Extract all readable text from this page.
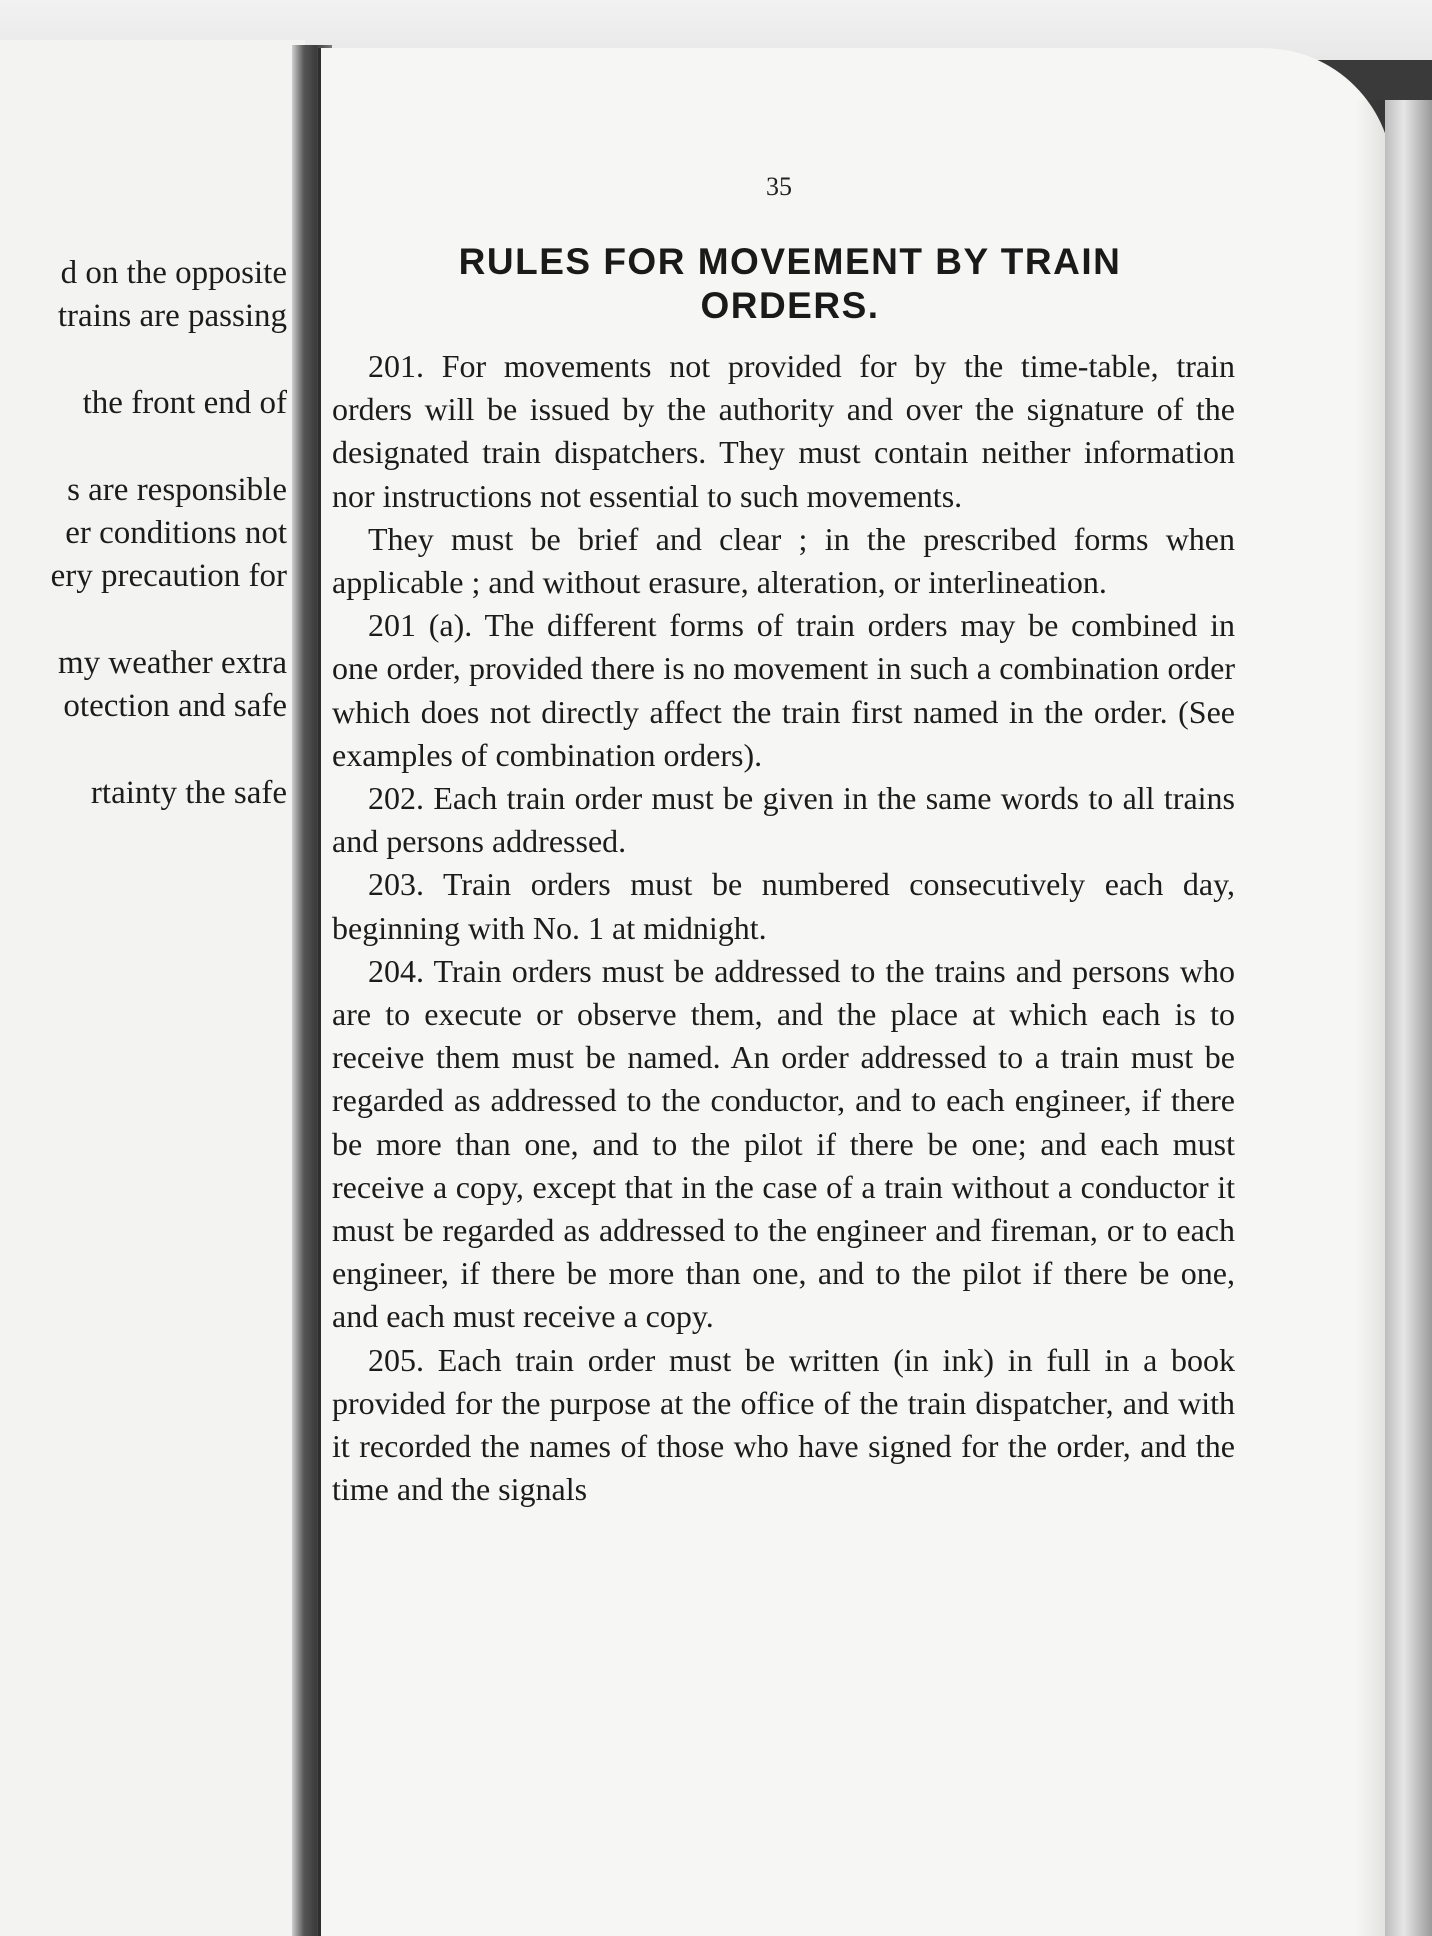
d on the opposite
trains are passing
the front end of
s are responsible
er conditions not
ery precaution for
my weather extra
otection and safe
rtainty the safe
35
RULES FOR MOVEMENT BY TRAIN
ORDERS.

201. For movements not provided for by the time-table, train orders will be issued by the authority and over the signature of the designated train dispatchers. They must contain neither information nor instructions not essential to such movements.

They must be brief and clear ; in the prescribed forms when applicable ; and without erasure, alteration, or interlineation.

201 (a). The different forms of train orders may be combined in one order, provided there is no movement in such a combination order which does not directly affect the train first named in the order. (See examples of combination orders).

202. Each train order must be given in the same words to all trains and persons addressed.

203. Train orders must be numbered consecutively each day, beginning with No. 1 at midnight.

204. Train orders must be addressed to the trains and persons who are to execute or observe them, and the place at which each is to receive them must be named. An order addressed to a train must be regarded as addressed to the conductor, and to each engineer, if there be more than one, and to the pilot if there be one; and each must receive a copy, except that in the case of a train without a conductor it must be regarded as addressed to the engineer and fireman, or to each engineer, if there be more than one, and to the pilot if there be one, and each must receive a copy.

205. Each train order must be written (in ink) in full in a book provided for the purpose at the office of the train dispatcher, and with it recorded the names of those who have signed for the order, and the time and the signals
